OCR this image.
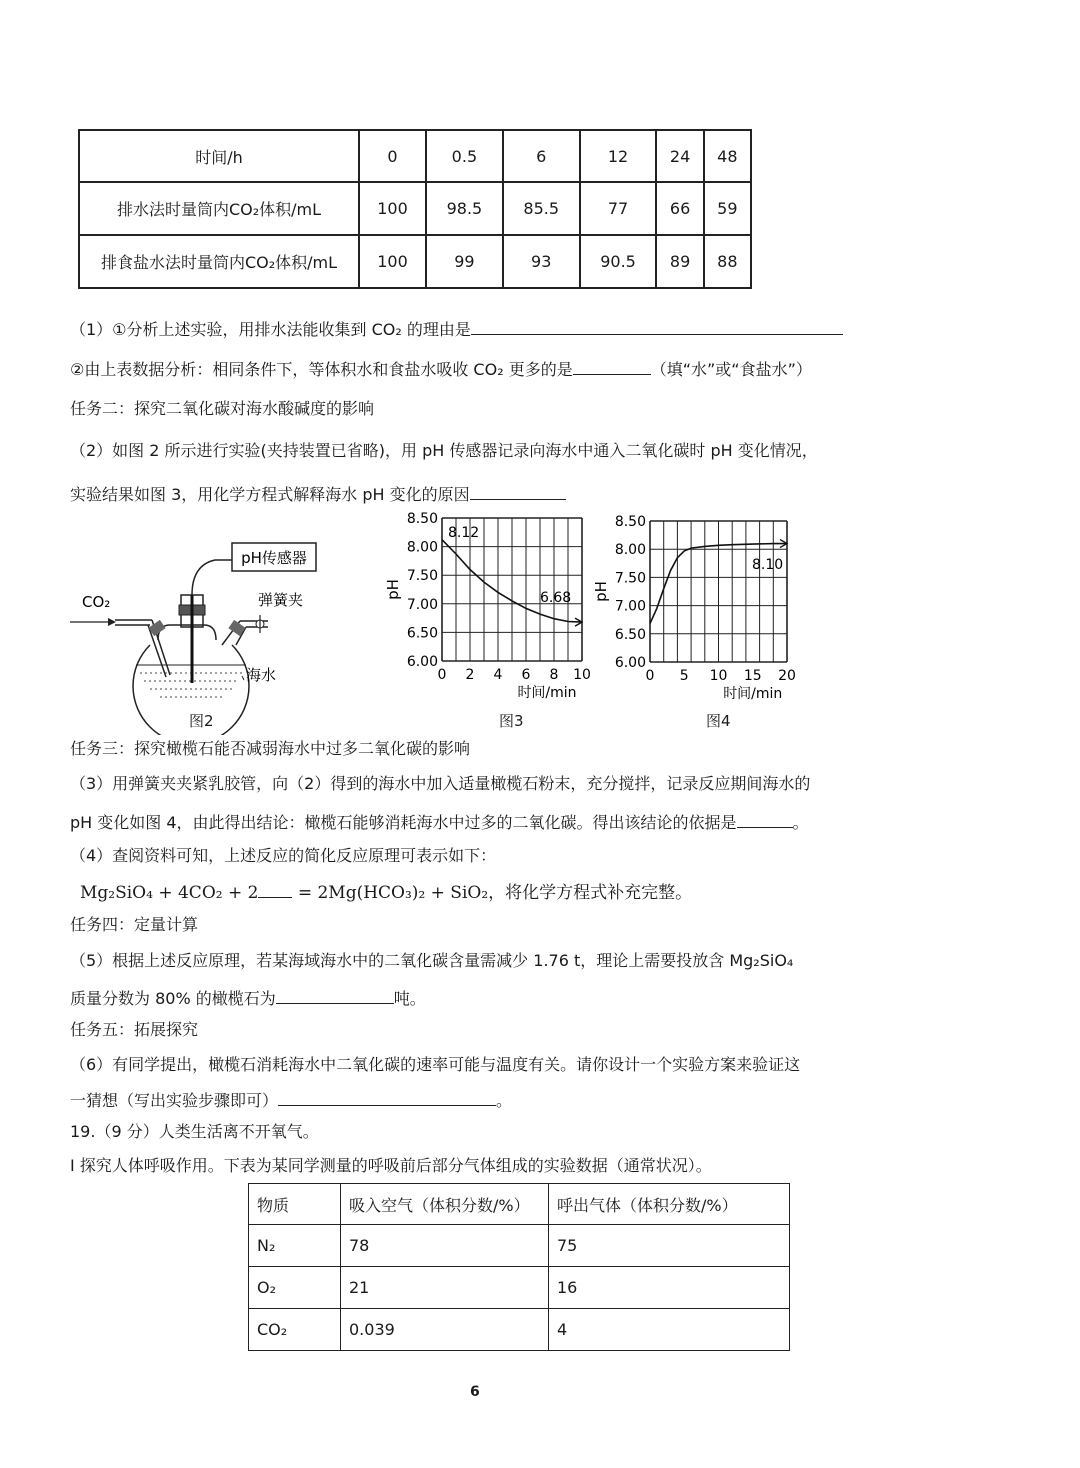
时间/h	0	0.5	6	12	24	48
排水法时量筒内CO₂体积/mL	100	98.5	85.5	77	66	59
排食盐水法时量筒内CO₂体积/mL	100	99	93	90.5	89	88
（1）①分析上述实验，用排水法能收集到 CO₂ 的理由是
②由上表数据分析：相同条件下，等体积水和食盐水吸收 CO₂ 更多的是	（填“水”或“食盐水”）
任务二：探究二氧化碳对海水酸碱度的影响
（2）如图 2 所示进行实验(夹持装置已省略)，用 pH 传感器记录向海水中通入二氧化碳时 pH 变化情况，
实验结果如图 3，用化学方程式解释海水 pH 变化的原因
pH传感器
CO₂	弹簧夹
海水
图2
6.00
6.50
7.00
7.50
8.00
8.50
0 2 4 6 8 10
pH
时间/min
8.12
6.68
图3
6.00
6.50
7.00
7.50
8.00
8.50
0 5 10 15 20
pH
时间/min
8.10
图4
任务三：探究橄榄石能否减弱海水中过多二氧化碳的影响
（3）用弹簧夹夹紧乳胶管，向（2）得到的海水中加入适量橄榄石粉末，充分搅拌，记录反应期间海水的
pH 变化如图 4，由此得出结论：橄榄石能够消耗海水中过多的二氧化碳。得出该结论的依据是	。
（4）查阅资料可知，上述反应的简化反应原理可表示如下：
Mg₂SiO₄ + 4CO₂ + 2 = 2Mg(HCO₃)₂ + SiO₂，将化学方程式补充完整。
任务四：定量计算
（5）根据上述反应原理，若某海域海水中的二氧化碳含量需减少 1.76 t，理论上需要投放含 Mg₂SiO₄
质量分数为 80% 的橄榄石为	吨。
任务五：拓展探究
（6）有同学提出，橄榄石消耗海水中二氧化碳的速率可能与温度有关。请你设计一个实验方案来验证这
一猜想（写出实验步骤即可）	。
19.（9 分）人类生活离不开氧气。
I 探究人体呼吸作用。下表为某同学测量的呼吸前后部分气体组成的实验数据（通常状况）。
物质	吸入空气（体积分数/%）	呼出气体（体积分数/%）
N₂	78	75
O₂	21	16
CO₂	0.039	4
6
